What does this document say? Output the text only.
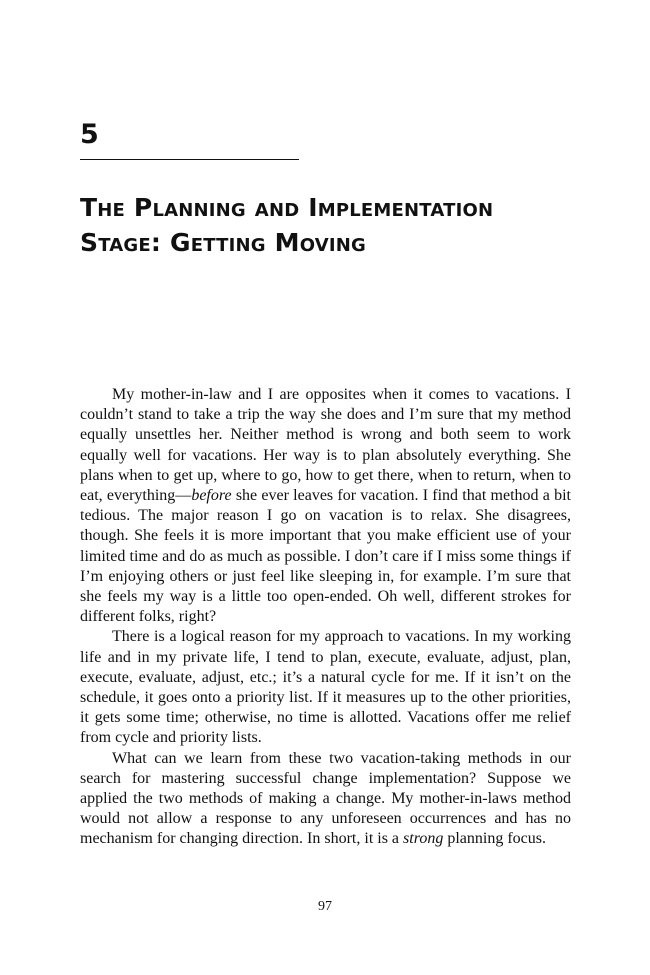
5
The Planning and Implementation
Stage: Getting Moving

My mother-in-law and I are opposites when it comes to vacations. I couldn’t stand to take a trip the way she does and I’m sure that my method equally unsettles her. Neither method is wrong and both seem to work equally well for vacations. Her way is to plan absolutely everything. She plans when to get up, where to go, how to get there, when to return, when to eat, everything—before she ever leaves for vacation. I find that method a bit tedious. The major reason I go on vacation is to relax. She disagrees, though. She feels it is more important that you make efficient use of your limited time and do as much as possible. I don’t care if I miss some things if I’m enjoying others or just feel like sleeping in, for example. I’m sure that she feels my way is a little too open-ended. Oh well, different strokes for different folks, right?

There is a logical reason for my approach to vacations. In my working life and in my private life, I tend to plan, execute, evaluate, adjust, plan, execute, evaluate, adjust, etc.; it’s a natural cycle for me. If it isn’t on the schedule, it goes onto a priority list. If it measures up to the other priorities, it gets some time; otherwise, no time is allotted. Vacations offer me relief from cycle and priority lists.

What can we learn from these two vacation-taking methods in our search for mastering successful change implementation? Suppose we applied the two methods of making a change. My mother-in-laws method would not allow a response to any unforeseen occurrences and has no mechanism for changing direction. In short, it is a strong planning focus.

97
